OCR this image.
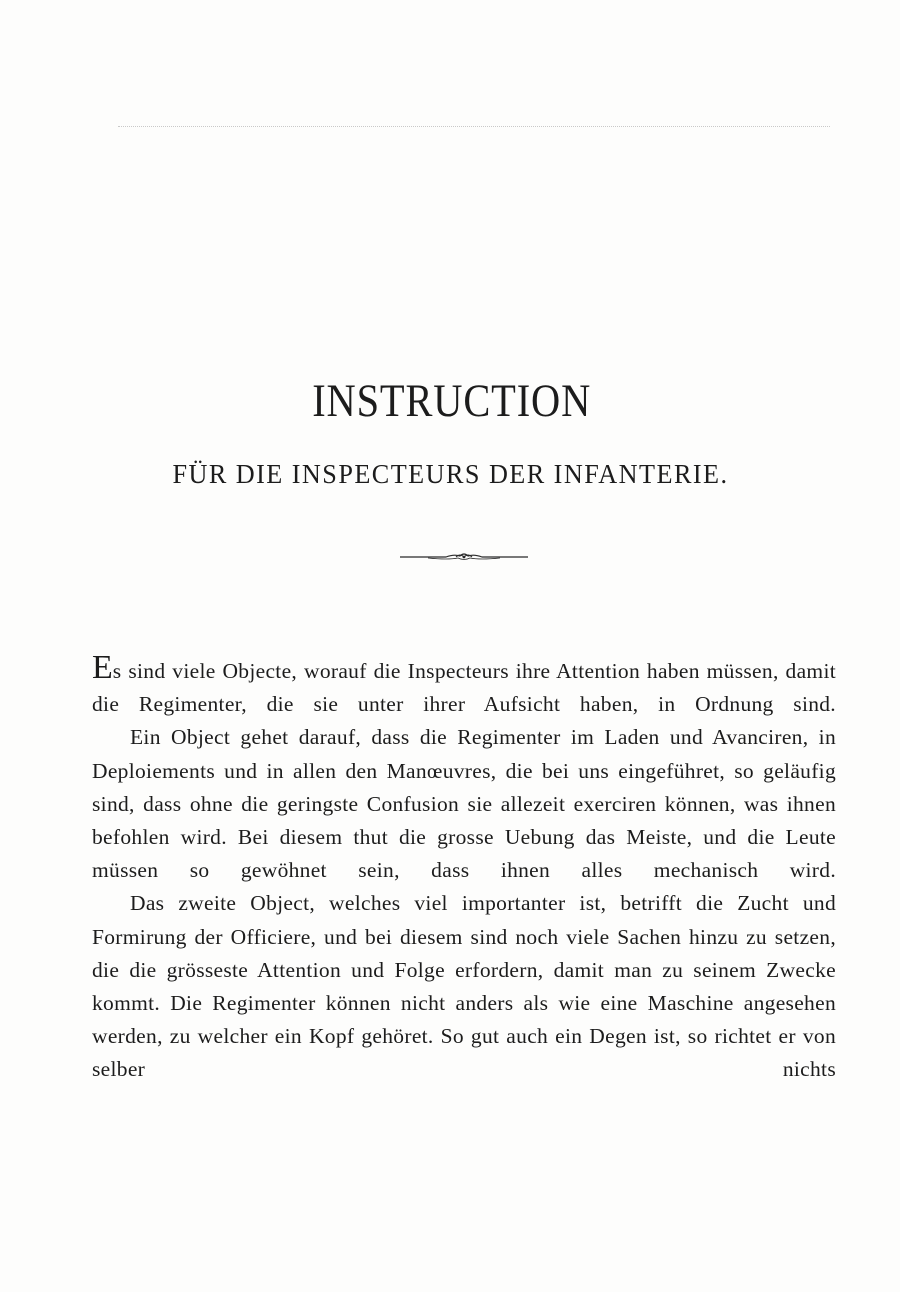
INSTRUCTION
FÜR DIE INSPECTEURS DER INFANTERIE.

Es sind viele Objecte, worauf die Inspecteurs ihre Attention haben müssen, damit die Regimenter, die sie unter ihrer Aufsicht haben, in Ordnung sind.

Ein Object gehet darauf, dass die Regimenter im Laden und Avanciren, in Deploiements und in allen den Manœuvres, die bei uns eingeführet, so geläufig sind, dass ohne die geringste Confusion sie allezeit exerciren können, was ihnen befohlen wird. Bei diesem thut die grosse Uebung das Meiste, und die Leute müssen so gewöhnet sein, dass ihnen alles mechanisch wird.

Das zweite Object, welches viel importanter ist, betrifft die Zucht und Formirung der Officiere, und bei diesem sind noch viele Sachen hinzu zu setzen, die die grösseste Attention und Folge erfordern, damit man zu seinem Zwecke kommt. Die Regimenter können nicht anders als wie eine Maschine angesehen werden, zu welcher ein Kopf gehöret. So gut auch ein Degen ist, so richtet er von selber nichts
